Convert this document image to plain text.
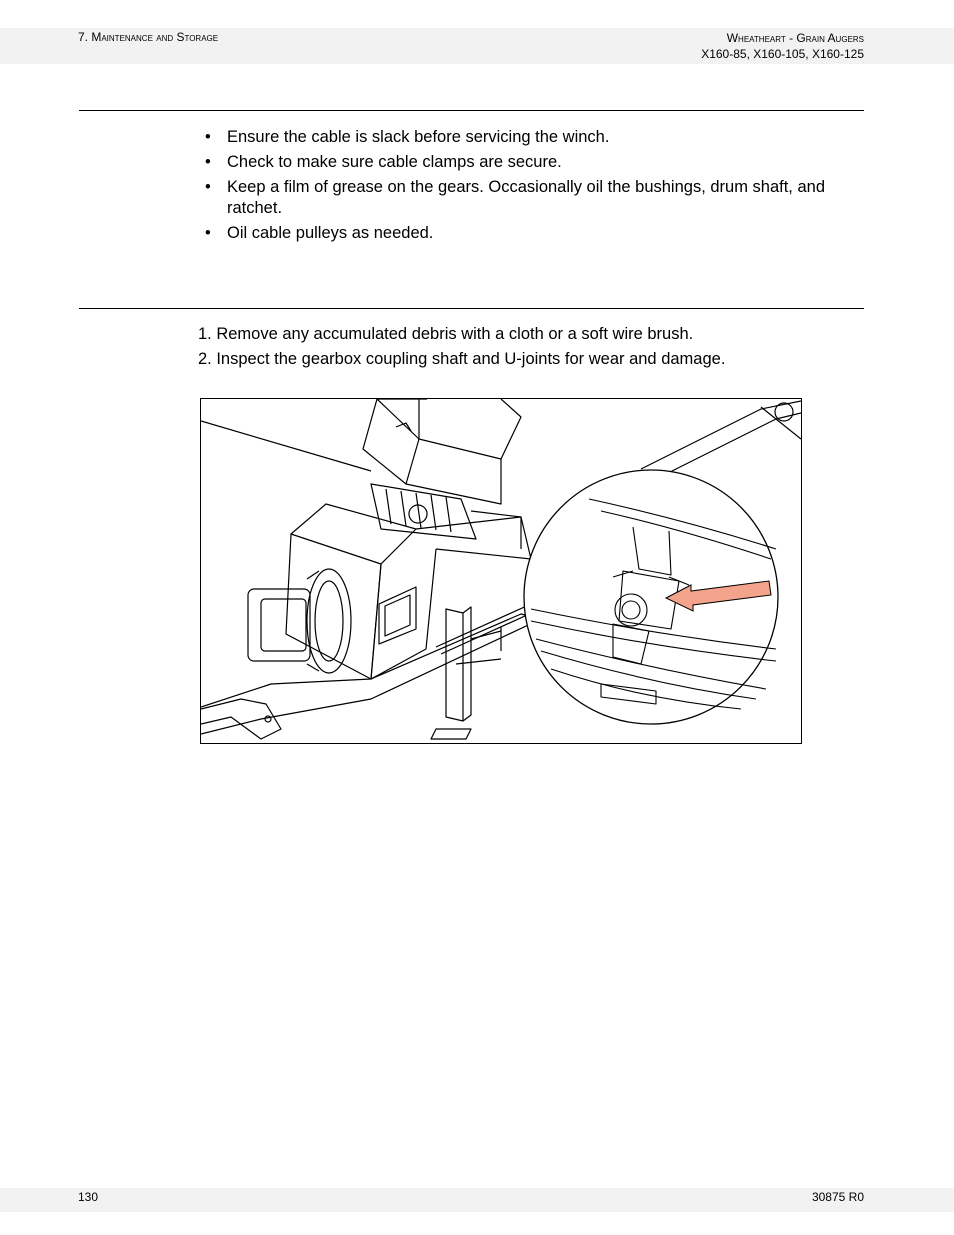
7. Maintenance and Storage	Wheatheart - Grain Augers
X160-85, X160-105, X160-125
• Ensure the cable is slack before servicing the winch.
• Check to make sure cable clamps are secure.
• Keep a film of grease on the gears. Occasionally oil the bushings, drum shaft, and ratchet.
• Oil cable pulleys as needed.
1. Remove any accumulated debris with a cloth or a soft wire brush.
2. Inspect the gearbox coupling shaft and U-joints for wear and damage.
130	30875 R0
